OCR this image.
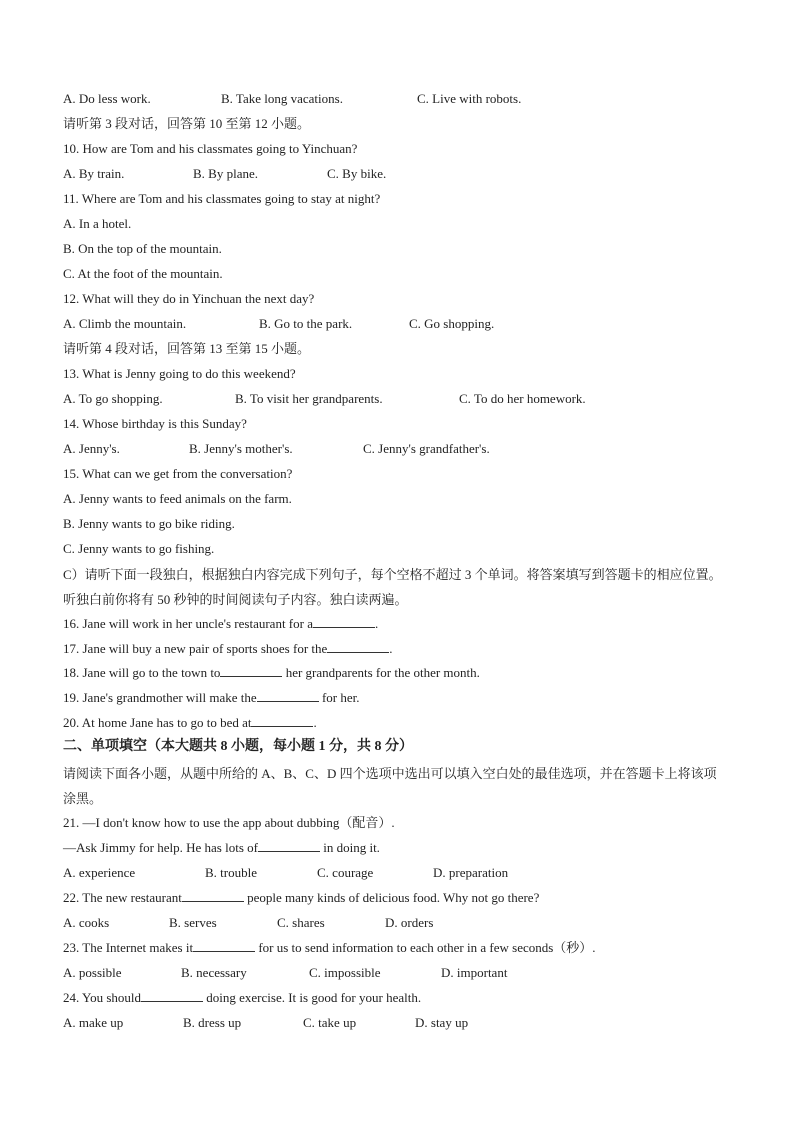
A. Do less work.	B. Take long vacations.	C. Live with robots.
请听第 3 段对话，回答第 10 至第 12 小题。
10. How are Tom and his classmates going to Yinchuan?
A. By train.	B. By plane.	C. By bike.
11. Where are Tom and his classmates going to stay at night?
A. In a hotel.
B. On the top of the mountain.
C. At the foot of the mountain.
12. What will they do in Yinchuan the next day?
A. Climb the mountain.	B. Go to the park.	C. Go shopping.
请听第 4 段对话，回答第 13 至第 15 小题。
13. What is Jenny going to do this weekend?
A. To go shopping.	B. To visit her grandparents.	C. To do her homework.
14. Whose birthday is this Sunday?
A. Jenny's.	B. Jenny's mother's.	C. Jenny's grandfather's.
15. What can we get from the conversation?
A. Jenny wants to feed animals on the farm.
B. Jenny wants to go bike riding.
C. Jenny wants to go fishing.
C）请听下面一段独白，根据独白内容完成下列句子，每个空格不超过 3 个单词。将答案填写到答题卡的相应位置。听独白前你将有 50 秒钟的时间阅读句子内容。独白读两遍。
16. Jane will work in her uncle's restaurant for a	.
17. Jane will buy a new pair of sports shoes for the	.
18. Jane will go to the town to	her grandparents for the other month.
19. Jane's grandmother will make the	for her.
20. At home Jane has to go to bed at	.
二、单项填空（本大题共 8 小题，每小题 1 分，共 8 分）
请阅读下面各小题，从题中所给的 A、B、C、D 四个选项中选出可以填入空白处的最佳选项，并在答题卡上将该项涂黑。
21. —I don't know how to use the app about dubbing（配音）.
—Ask Jimmy for help. He has lots of	in doing it.
A. experience	B. trouble	C. courage	D. preparation
22. The new restaurant	people many kinds of delicious food. Why not go there?
A. cooks	B. serves	C. shares	D. orders
23. The Internet makes it	for us to send information to each other in a few seconds（秒）.
A. possible	B. necessary	C. impossible	D. important
24. You should	doing exercise. It is good for your health.
A. make up	B. dress up	C. take up	D. stay up
